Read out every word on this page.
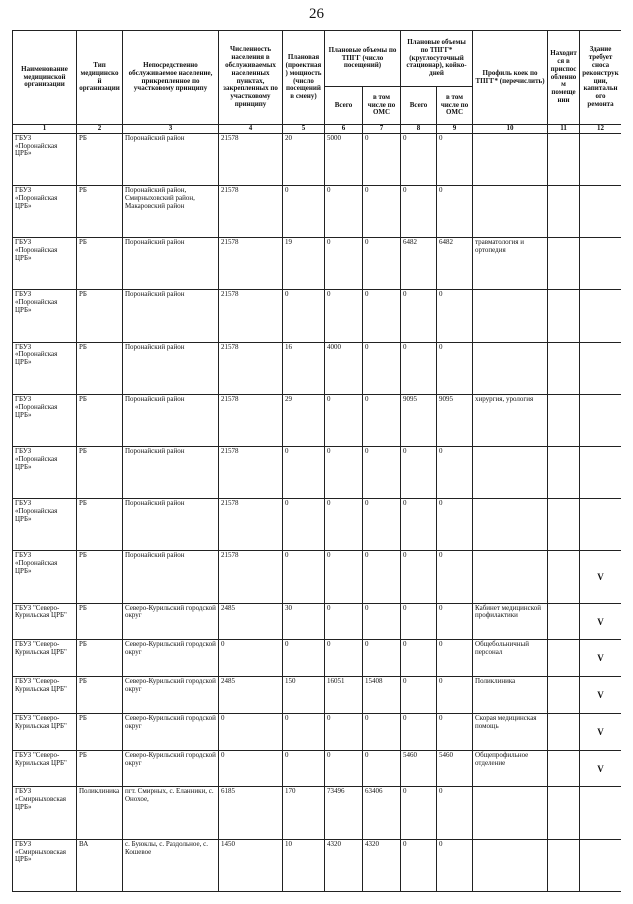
26
Наименование медицинской организации	Тип медицинской организации	Непосредственно обслуживаемое население, прикрепленное по участковому принципу	Численность населения в обслуживаемых населенных пунктах, закрепленных по участковому принципу	Плановая (проектная) мощность (число посещений в смену)	Плановые объемы по ТПГГ (число посещений)		Плановые объемы по ТПГГ* (круглосуточный стационар), койко-дней		Профиль коек по ТПГГ* (перечислить)	Находится в приспособленном помещении	Здание требует сноса реконструкции, капитального ремонта
					Всего	в том числе по ОМС	Всего	в том числе по ОМС			
1	2	3	4	5	6	7	8	9	10	11	12
ГБУЗ «Поронайская ЦРБ»	РБ	Поронайский район	21578	20	5000	0	0	0			
ГБУЗ «Поронайская ЦРБ»	РБ	Поронайский район, Смирныховский район, Макаровский район	21578	0	0	0	0	0			
ГБУЗ «Поронайская ЦРБ»	РБ	Поронайский район	21578	19	0	0	6482	6482	травматология и ортопедия		
ГБУЗ «Поронайская ЦРБ»	РБ	Поронайский район	21578	0	0	0	0	0			
ГБУЗ «Поронайская ЦРБ»	РБ	Поронайский район	21578	16	4000	0	0	0			
ГБУЗ «Поронайская ЦРБ»	РБ	Поронайский район	21578	29	0	0	9095	9095	хирургия, урология		
ГБУЗ «Поронайская ЦРБ»	РБ	Поронайский район	21578	0	0	0	0	0			
ГБУЗ «Поронайская ЦРБ»	РБ	Поронайский район	21578	0	0	0	0	0			
ГБУЗ «Поронайская ЦРБ»	РБ	Поронайский район	21578	0	0	0	0	0			V
ГБУЗ "Северо-Курильская ЦРБ"	РБ	Северо-Курильский городской округ	2485	30	0	0	0	0	Кабинет медицинской профилактики		V
ГБУЗ "Северо-Курильская ЦРБ"	РБ	Северо-Курильский городской округ	0	0	0	0	0	0	Общебольничный персонал		V
ГБУЗ "Северо-Курильская ЦРБ"	РБ	Северо-Курильский городской округ	2485	150	16051	15408	0	0	Поликлиника		V
ГБУЗ "Северо-Курильская ЦРБ"	РБ	Северо-Курильский городской округ	0	0	0	0	0	0	Скорая медицинская помощь		V
ГБУЗ "Северо-Курильская ЦРБ"	РБ	Северо-Курильский городской округ	0	0	0	0	5460	5460	Общепрофильное отделение		V
ГБУЗ «Смирныховская ЦРБ»	Поликлиника	пгт. Смирных, с. Еланники, с. Онохое,	6185	170	73496	63406	0	0			
ГБУЗ «Смирныховская ЦРБ»	ВА	с. Буюклы, с. Раздольное, с. Кошевое	1450	10	4320	4320	0	0			
